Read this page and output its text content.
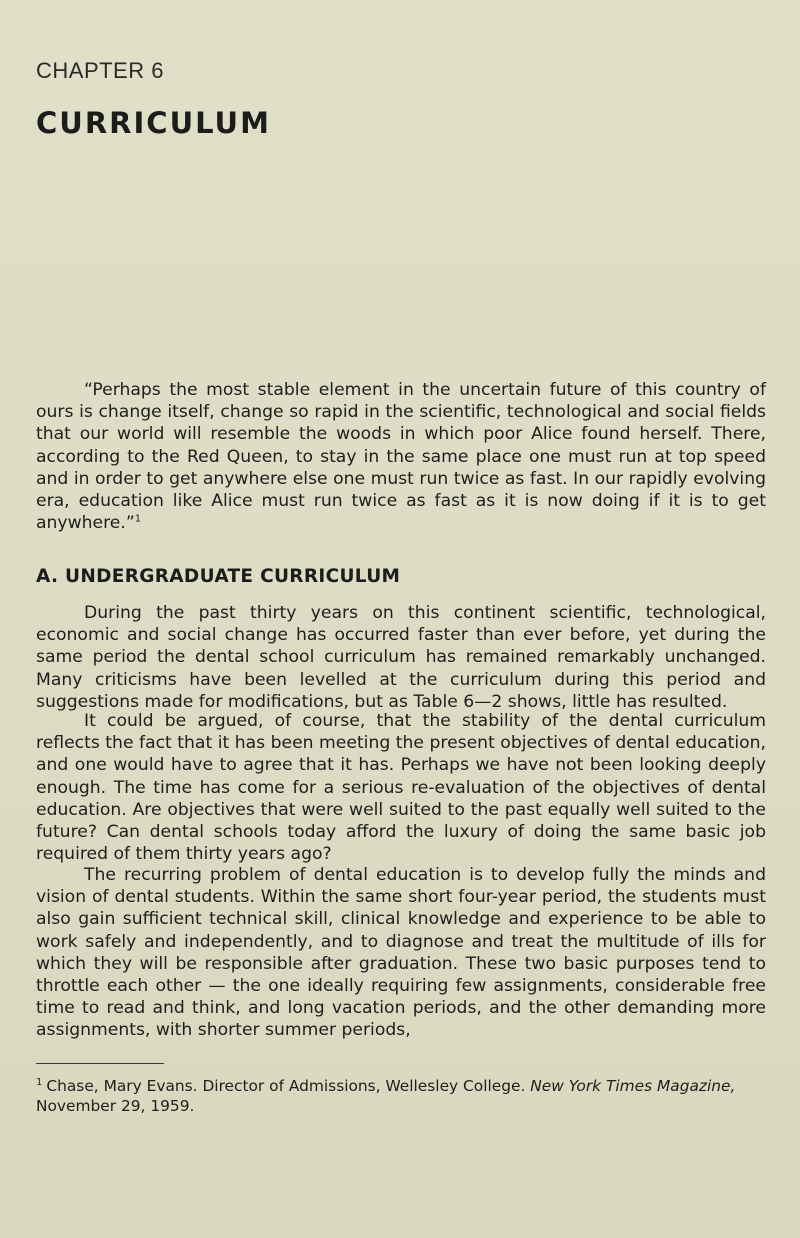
CHAPTER 6
CURRICULUM
“Perhaps the most stable element in the uncertain future of this country of ours is change itself, change so rapid in the scientific, technological and social fields that our world will resemble the woods in which poor Alice found herself. There, according to the Red Queen, to stay in the same place one must run at top speed and in order to get anywhere else one must run twice as fast. In our rapidly evolving era, education like Alice must run twice as fast as it is now doing if it is to get anywhere.”$^1$
A. UNDERGRADUATE CURRICULUM
During the past thirty years on this continent scientific, technological, economic and social change has occurred faster than ever before, yet during the same period the dental school curriculum has remained remarkably unchanged. Many criticisms have been levelled at the curriculum during this period and suggestions made for modifications, but as Table 6—2 shows, little has resulted.
It could be argued, of course, that the stability of the dental curriculum reflects the fact that it has been meeting the present objectives of dental education, and one would have to agree that it has. Perhaps we have not been looking deeply enough. The time has come for a serious re-evaluation of the objectives of dental education. Are objectives that were well suited to the past equally well suited to the future? Can dental schools today afford the luxury of doing the same basic job required of them thirty years ago?
The recurring problem of dental education is to develop fully the minds and vision of dental students. Within the same short four-year period, the students must also gain sufficient technical skill, clinical knowledge and experience to be able to work safely and independently, and to diagnose and treat the multitude of ills for which they will be responsible after graduation. These two basic purposes tend to throttle each other — the one ideally requiring few assignments, considerable free time to read and think, and long vacation periods, and the other demanding more assignments, with shorter summer periods,
$^1$ Chase, Mary Evans. Director of Admissions, Wellesley College. New York Times Magazine,
November 29, 1959.
